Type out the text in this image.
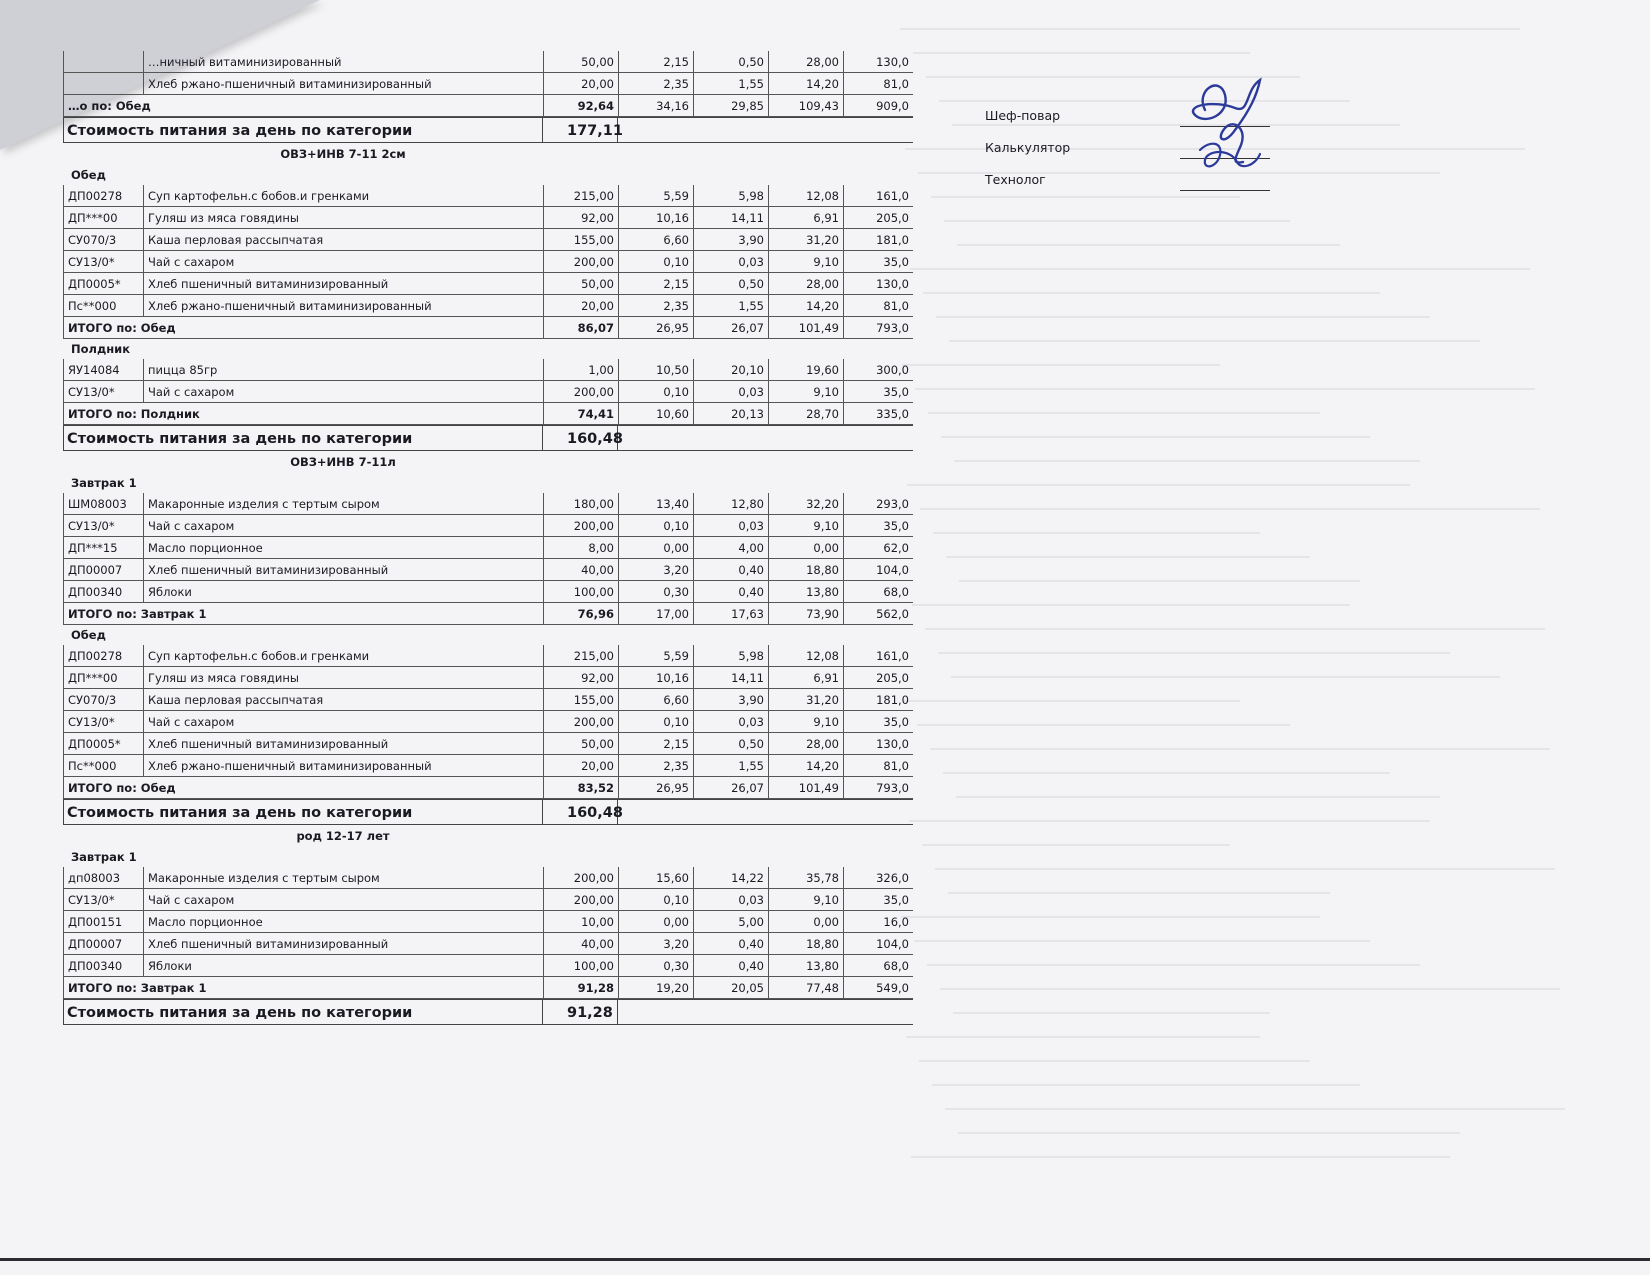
…ничный витаминизированный	50,00	2,15	0,50	28,00	130,0
Хлеб ржано-пшеничный витаминизированный	20,00	2,35	1,55	14,20	81,0
…о по: Обед	92,64	34,16	29,85	109,43	909,0
Стоимость питания за день по категории	177,11
ОВЗ+ИНВ 7-11 2см
Обед
ДП00278	Суп картофельн.с бобов.и гренками	215,00	5,59	5,98	12,08	161,0
ДП***00	Гуляш из мяса говядины	92,00	10,16	14,11	6,91	205,0
СУ070/3	Каша перловая рассыпчатая	155,00	6,60	3,90	31,20	181,0
СУ13/0*	Чай с сахаром	200,00	0,10	0,03	9,10	35,0
ДП0005*	Хлеб пшеничный витаминизированный	50,00	2,15	0,50	28,00	130,0
Пс**000	Хлеб ржано-пшеничный витаминизированный	20,00	2,35	1,55	14,20	81,0
ИТОГО по: Обед	86,07	26,95	26,07	101,49	793,0
Полдник
ЯУ14084	пицца 85гр	1,00	10,50	20,10	19,60	300,0
СУ13/0*	Чай с сахаром	200,00	0,10	0,03	9,10	35,0
ИТОГО по: Полдник	74,41	10,60	20,13	28,70	335,0
Стоимость питания за день по категории	160,48
ОВЗ+ИНВ 7-11л
Завтрак 1
ШМ08003	Макаронные изделия с тертым сыром	180,00	13,40	12,80	32,20	293,0
СУ13/0*	Чай с сахаром	200,00	0,10	0,03	9,10	35,0
ДП***15	Масло порционное	8,00	0,00	4,00	0,00	62,0
ДП00007	Хлеб пшеничный витаминизированный	40,00	3,20	0,40	18,80	104,0
ДП00340	Яблоки	100,00	0,30	0,40	13,80	68,0
ИТОГО по: Завтрак 1	76,96	17,00	17,63	73,90	562,0
Обед
ДП00278	Суп картофельн.с бобов.и гренками	215,00	5,59	5,98	12,08	161,0
ДП***00	Гуляш из мяса говядины	92,00	10,16	14,11	6,91	205,0
СУ070/3	Каша перловая рассыпчатая	155,00	6,60	3,90	31,20	181,0
СУ13/0*	Чай с сахаром	200,00	0,10	0,03	9,10	35,0
ДП0005*	Хлеб пшеничный витаминизированный	50,00	2,15	0,50	28,00	130,0
Пс**000	Хлеб ржано-пшеничный витаминизированный	20,00	2,35	1,55	14,20	81,0
ИТОГО по: Обед	83,52	26,95	26,07	101,49	793,0
Стоимость питания за день по категории	160,48
род 12-17 лет
Завтрак 1
дп08003	Макаронные изделия с тертым сыром	200,00	15,60	14,22	35,78	326,0
СУ13/0*	Чай с сахаром	200,00	0,10	0,03	9,10	35,0
ДП00151	Масло порционное	10,00	0,00	5,00	0,00	16,0
ДП00007	Хлеб пшеничный витаминизированный	40,00	3,20	0,40	18,80	104,0
ДП00340	Яблоки	100,00	0,30	0,40	13,80	68,0
ИТОГО по: Завтрак 1	91,28	19,20	20,05	77,48	549,0
Стоимость питания за день по категории	91,28
Шеф-повар
Калькулятор
Технолог
